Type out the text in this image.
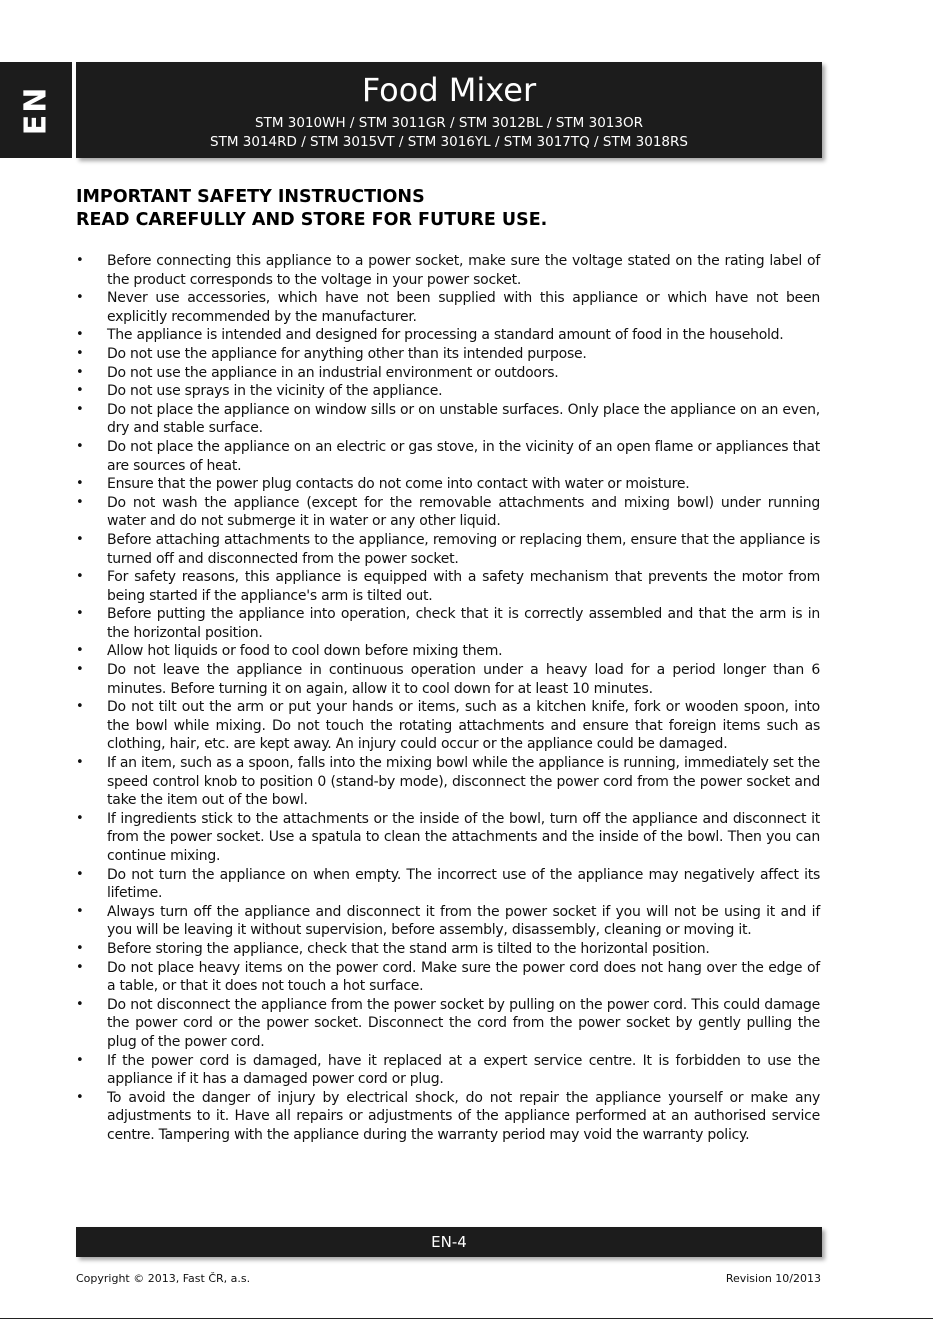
EN	Food Mixer
STM 3010WH / STM 3011GR / STM 3012BL / STM 3013OR
STM 3014RD / STM 3015VT / STM 3016YL / STM 3017TQ / STM 3018RS
IMPORTANT SAFETY INSTRUCTIONS
READ CAREFULLY AND STORE FOR FUTURE USE.
• Before connecting this appliance to a power socket, make sure the voltage stated on the rating label of the product corresponds to the voltage in your power socket.
• Never use accessories, which have not been supplied with this appliance or which have not been explicitly recommended by the manufacturer.
• The appliance is intended and designed for processing a standard amount of food in the household.
• Do not use the appliance for anything other than its intended purpose.
• Do not use the appliance in an industrial environment or outdoors.
• Do not use sprays in the vicinity of the appliance.
• Do not place the appliance on window sills or on unstable surfaces. Only place the appliance on an even, dry and stable surface.
• Do not place the appliance on an electric or gas stove, in the vicinity of an open flame or appliances that are sources of heat.
• Ensure that the power plug contacts do not come into contact with water or moisture.
• Do not wash the appliance (except for the removable attachments and mixing bowl) under running water and do not submerge it in water or any other liquid.
• Before attaching attachments to the appliance, removing or replacing them, ensure that the appliance is turned off and disconnected from the power socket.
• For safety reasons, this appliance is equipped with a safety mechanism that prevents the motor from being started if the appliance's arm is tilted out.
• Before putting the appliance into operation, check that it is correctly assembled and that the arm is in the horizontal position.
• Allow hot liquids or food to cool down before mixing them.
• Do not leave the appliance in continuous operation under a heavy load for a period longer than 6 minutes. Before turning it on again, allow it to cool down for at least 10 minutes.
• Do not tilt out the arm or put your hands or items, such as a kitchen knife, fork or wooden spoon, into the bowl while mixing. Do not touch the rotating attachments and ensure that foreign items such as clothing, hair, etc. are kept away. An injury could occur or the appliance could be damaged.
• If an item, such as a spoon, falls into the mixing bowl while the appliance is running, immediately set the speed control knob to position 0 (stand-by mode), disconnect the power cord from the power socket and take the item out of the bowl.
• If ingredients stick to the attachments or the inside of the bowl, turn off the appliance and disconnect it from the power socket. Use a spatula to clean the attachments and the inside of the bowl. Then you can continue mixing.
• Do not turn the appliance on when empty. The incorrect use of the appliance may negatively affect its lifetime.
• Always turn off the appliance and disconnect it from the power socket if you will not be using it and if you will be leaving it without supervision, before assembly, disassembly, cleaning or moving it.
• Before storing the appliance, check that the stand arm is tilted to the horizontal position.
• Do not place heavy items on the power cord. Make sure the power cord does not hang over the edge of a table, or that it does not touch a hot surface.
• Do not disconnect the appliance from the power socket by pulling on the power cord. This could damage the power cord or the power socket. Disconnect the cord from the power socket by gently pulling the plug of the power cord.
• If the power cord is damaged, have it replaced at a expert service centre. It is forbidden to use the appliance if it has a damaged power cord or plug.
• To avoid the danger of injury by electrical shock, do not repair the appliance yourself or make any adjustments to it. Have all repairs or adjustments of the appliance performed at an authorised service centre. Tampering with the appliance during the warranty period may void the warranty policy.
EN-4
Copyright © 2013, Fast ČR, a.s.	Revision 10/2013
